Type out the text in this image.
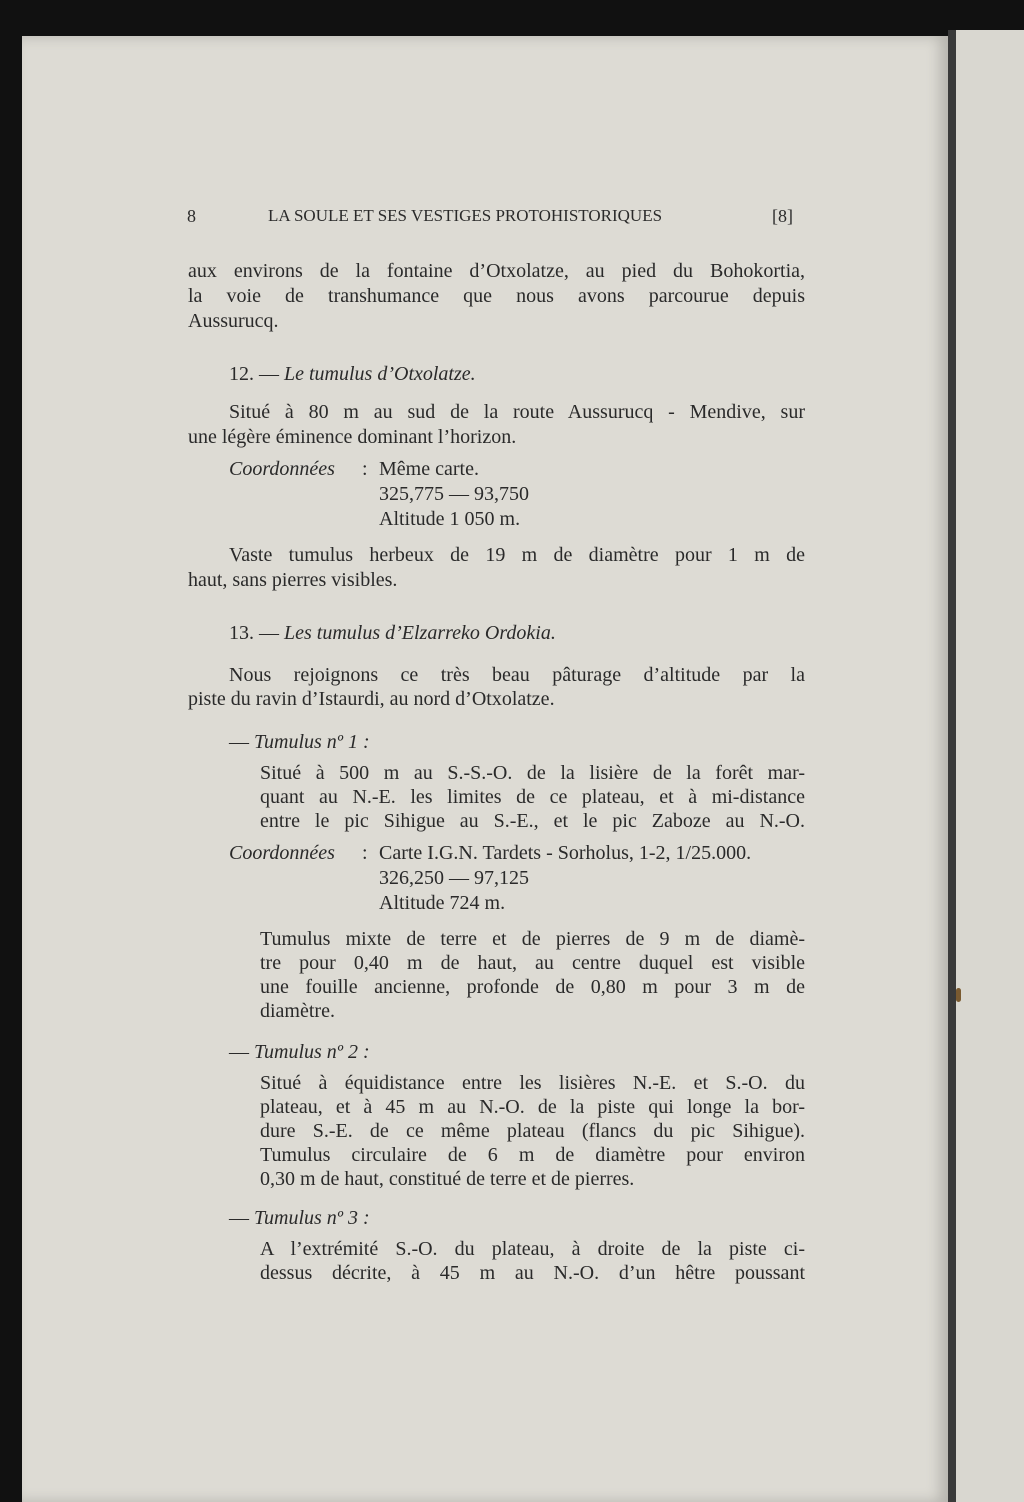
8	LA SOULE ET SES VESTIGES PROTOHISTORIQUES	[8]
aux environs de la fontaine d’Otxolatze, au pied du Bohokortia,
la voie de transhumance que nous avons parcourue depuis
Aussurucq.
12. — Le tumulus d’Otxolatze.
Situé à 80 m au sud de la route Aussurucq - Mendive, sur
une légère éminence dominant l’horizon.
Coordonnées : Même carte.
325,775 — 93,750
Altitude 1 050 m.
Vaste tumulus herbeux de 19 m de diamètre pour 1 m de
haut, sans pierres visibles.
13. — Les tumulus d’Elzarreko Ordokia.
Nous rejoignons ce très beau pâturage d’altitude par la
piste du ravin d’Istaurdi, au nord d’Otxolatze.
— Tumulus nº 1 :
Situé à 500 m au S.-S.-O. de la lisière de la forêt mar-
quant au N.-E. les limites de ce plateau, et à mi-distance
entre le pic Sihigue au S.-E., et le pic Zaboze au N.-O.
Coordonnées : Carte I.G.N. Tardets - Sorholus, 1-2, 1/25.000.
326,250 — 97,125
Altitude 724 m.
Tumulus mixte de terre et de pierres de 9 m de diamè-
tre pour 0,40 m de haut, au centre duquel est visible
une fouille ancienne, profonde de 0,80 m pour 3 m de
diamètre.
— Tumulus nº 2 :
Situé à équidistance entre les lisières N.-E. et S.-O. du
plateau, et à 45 m au N.-O. de la piste qui longe la bor-
dure S.-E. de ce même plateau (flancs du pic Sihigue).
Tumulus circulaire de 6 m de diamètre pour environ
0,30 m de haut, constitué de terre et de pierres.
— Tumulus nº 3 :
A l’extrémité S.-O. du plateau, à droite de la piste ci-
dessus décrite, à 45 m au N.-O. d’un hêtre poussant
